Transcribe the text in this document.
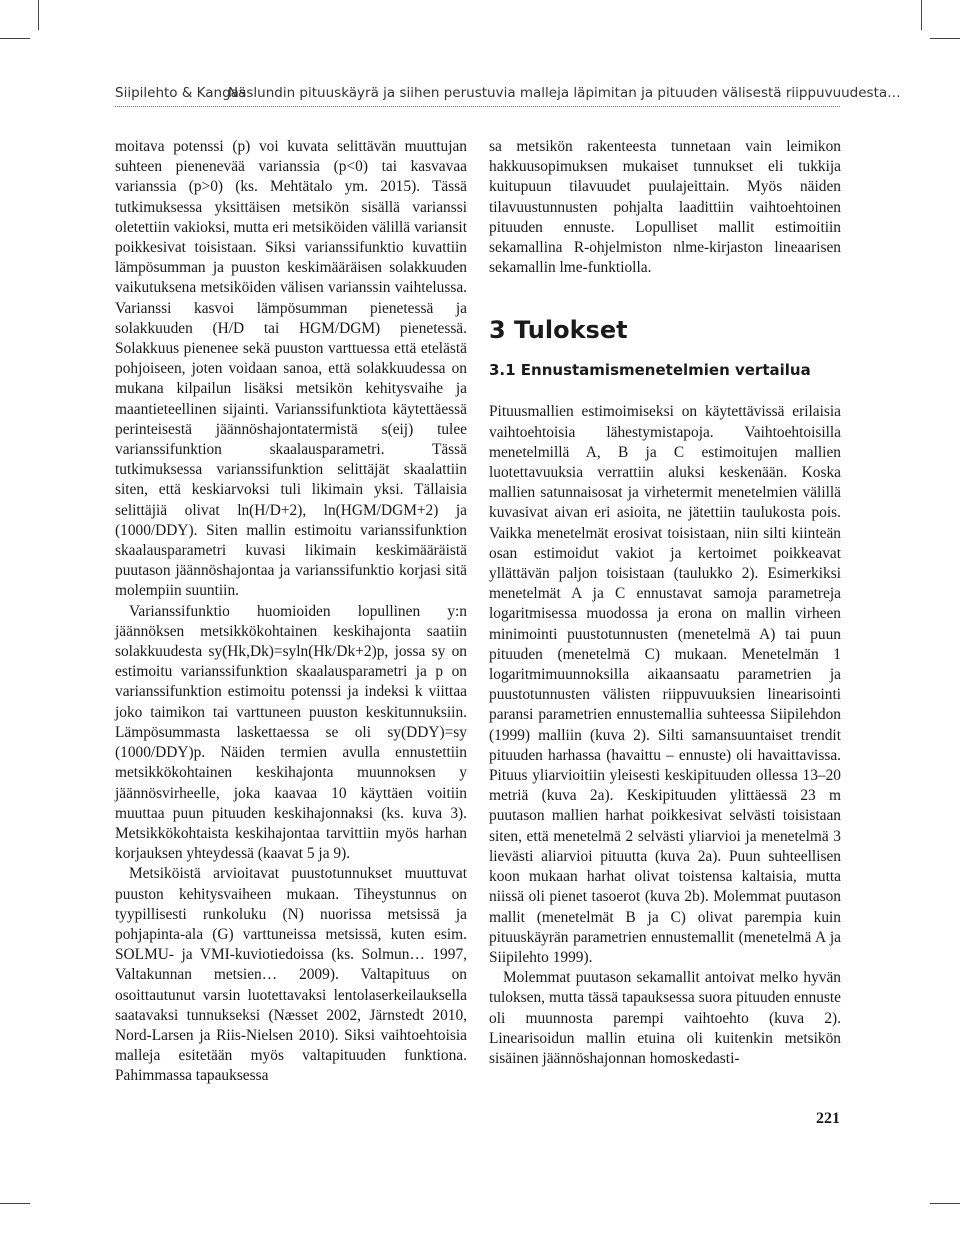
Siipilehto & Kangas
Näslundin pituuskäyrä ja siihen perustuvia malleja läpimitan ja pituuden välisestä riippuvuudesta…

moitava potenssi (p) voi kuvata selittävän muuttujan suhteen pienenevää varianssia (p<0) tai kasvavaa varianssia (p>0) (ks. Mehtätalo ym. 2015). Tässä tutkimuksessa yksittäisen metsikön sisällä varianssi oletettiin vakioksi, mutta eri metsiköiden välillä variansit poikkesivat toisistaan. Siksi varianssifunktio kuvattiin lämpösumman ja puuston keskimääräisen solakkuuden vaikutuksena metsiköiden välisen varianssin vaihtelussa. Varianssi kasvoi lämpösumman pienetessä ja solakkuuden (H/D tai HGM/DGM) pienetessä. Solakkuus pienenee sekä puuston varttuessa että etelästä pohjoiseen, joten voidaan sanoa, että solakkuudessa on mukana kilpailun lisäksi metsikön kehitysvaihe ja maantieteellinen sijainti. Varianssifunktiota käytettäessä perinteisestä jäännöshajontatermistä s(eij) tulee varianssifunktion skaalausparametri. Tässä tutkimuksessa varianssifunktion selittäjät skaalattiin siten, että keskiarvoksi tuli likimain yksi. Tällaisia selittäjiä olivat ln(H/D+2), ln(HGM/DGM+2) ja (1000/DDY). Siten mallin estimoitu varianssifunktion skaalausparametri kuvasi likimain keskimääräistä puutason jäännöshajontaa ja varianssifunktio korjasi sitä molempiin suuntiin.

Varianssifunktio huomioiden lopullinen y:n jäännöksen metsikkökohtainen keskihajonta saatiin solakkuudesta sy(Hk,Dk)=syln(Hk/Dk+2)p, jossa sy on estimoitu varianssifunktion skaalausparametri ja p on varianssifunktion estimoitu potenssi ja indeksi k viittaa joko taimikon tai varttuneen puuston keskitunnuksiin. Lämpösummasta laskettaessa se oli sy(DDY)=sy (1000/DDY)p. Näiden termien avulla ennustettiin metsikkökohtainen keskihajonta muunnoksen y jäännösvirheelle, joka kaavaa 10 käyttäen voitiin muuttaa puun pituuden keskihajonnaksi (ks. kuva 3). Metsikkökohtaista keskihajontaa tarvittiin myös harhan korjauksen yhteydessä (kaavat 5 ja 9).

Metsiköistä arvioitavat puustotunnukset muuttuvat puuston kehitysvaiheen mukaan. Tiheystunnus on tyypillisesti runkoluku (N) nuorissa metsissä ja pohjapinta-ala (G) varttuneissa metsissä, kuten esim. SOLMU- ja VMI-kuviotiedoissa (ks. Solmun… 1997, Valtakunnan metsien… 2009). Valtapituus on osoittautunut varsin luotettavaksi lentolaserkeilauksella saatavaksi tunnukseksi (Næsset 2002, Järnstedt 2010, Nord-Larsen ja Riis-Nielsen 2010). Siksi vaihtoehtoisia malleja esitetään myös valtapituuden funktiona. Pahimmassa tapauksessa

sa metsikön rakenteesta tunnetaan vain leimikon hakkuusopimuksen mukaiset tunnukset eli tukkija kuitupuun tilavuudet puulajeittain. Myös näiden tilavuustunnusten pohjalta laadittiin vaihtoehtoinen pituuden ennuste. Lopulliset mallit estimoitiin sekamallina R-ohjelmiston nlme-kirjaston lineaarisen sekamallin lme-funktiolla.

3 Tulokset
3.1 Ennustamismenetelmien vertailua

Pituusmallien estimoimiseksi on käytettävissä erilaisia vaihtoehtoisia lähestymistapoja. Vaihtoehtoisilla menetelmillä A, B ja C estimoitujen mallien luotettavuuksia verrattiin aluksi keskenään. Koska mallien satunnaisosat ja virhetermit menetelmien välillä kuvasivat aivan eri asioita, ne jätettiin taulukosta pois. Vaikka menetelmät erosivat toisistaan, niin silti kiinteän osan estimoidut vakiot ja kertoimet poikkeavat yllättävän paljon toisistaan (taulukko 2). Esimerkiksi menetelmät A ja C ennustavat samoja parametreja logaritmisessa muodossa ja erona on mallin virheen minimointi puustotunnusten (menetelmä A) tai puun pituuden (menetelmä C) mukaan. Menetelmän 1 logaritmimuunnoksilla aikaansaatu parametrien ja puustotunnusten välisten riippuvuuksien linearisointi paransi parametrien ennustemallia suhteessa Siipilehdon (1999) malliin (kuva 2). Silti samansuuntaiset trendit pituuden harhassa (havaittu – ennuste) oli havaittavissa. Pituus yliarvioitiin yleisesti keskipituuden ollessa 13–20 metriä (kuva 2a). Keskipituuden ylittäessä 23 m puutason mallien harhat poikkesivat selvästi toisistaan siten, että menetelmä 2 selvästi yliarvioi ja menetelmä 3 lievästi aliarvioi pituutta (kuva 2a). Puun suhteellisen koon mukaan harhat olivat toistensa kaltaisia, mutta niissä oli pienet tasoerot (kuva 2b). Molemmat puutason mallit (menetelmät B ja C) olivat parempia kuin pituuskäyrän parametrien ennustemallit (menetelmä A ja Siipilehto 1999).

Molemmat puutason sekamallit antoivat melko hyvän tuloksen, mutta tässä tapauksessa suora pituuden ennuste oli muunnosta parempi vaihtoehto (kuva 2). Linearisoidun mallin etuina oli kuitenkin metsikön sisäinen jäännöshajonnan homoskedasti-

221
